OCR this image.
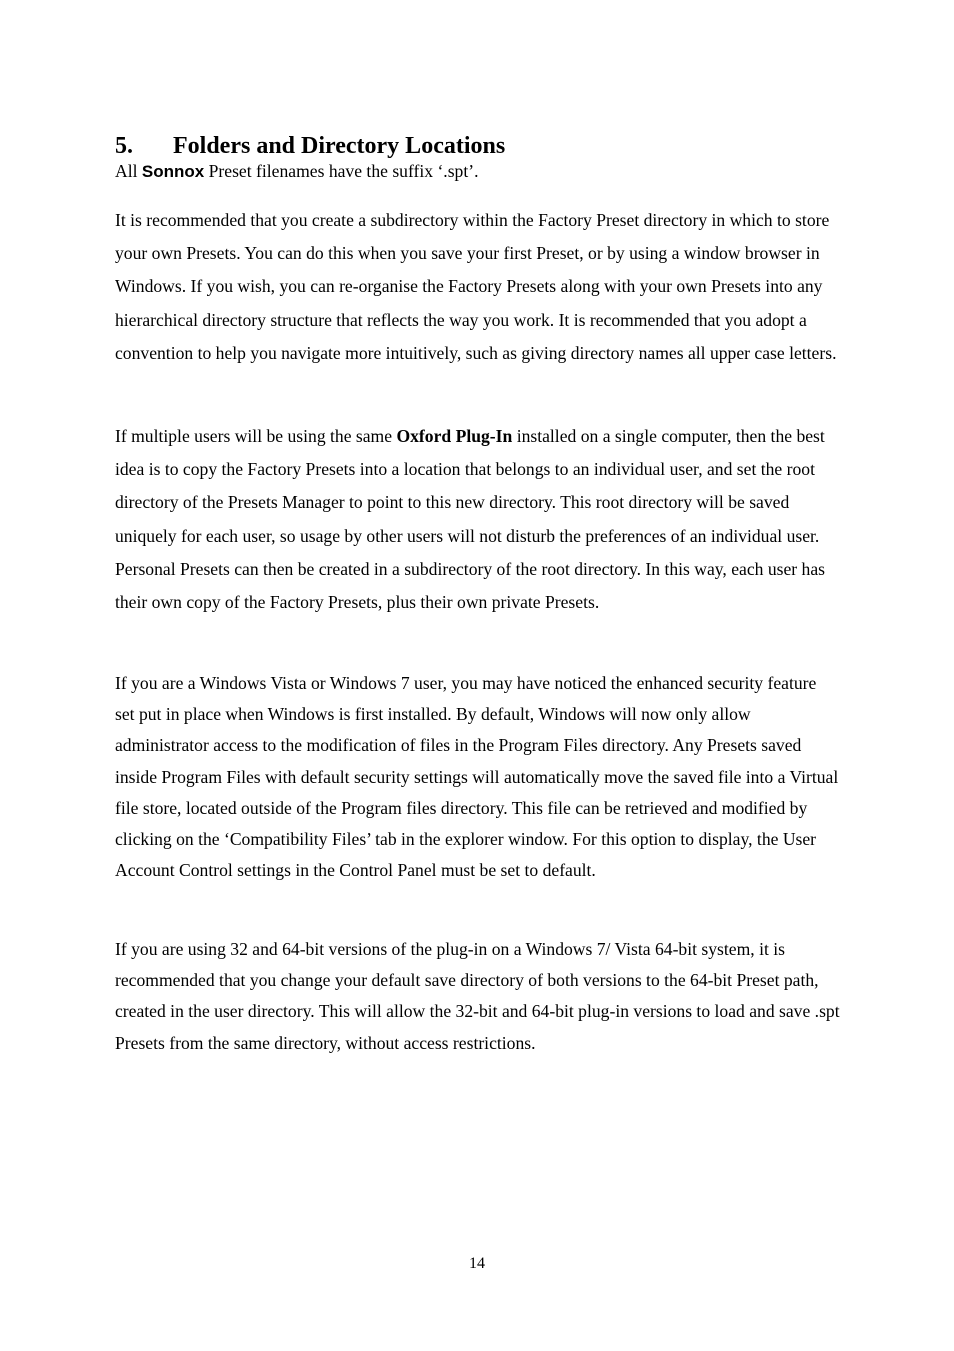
5. Folders and Directory Locations

All Sonnox Preset filenames have the suffix ‘.spt’.

It is recommended that you create a subdirectory within the Factory Preset directory in which to store your own Presets. You can do this when you save your first Preset, or by using a window browser in Windows. If you wish, you can re-organise the Factory Presets along with your own Presets into any hierarchical directory structure that reflects the way you work. It is recommended that you adopt a convention to help you navigate more intuitively, such as giving directory names all upper case letters.

If multiple users will be using the same Oxford Plug-In installed on a single computer, then the best idea is to copy the Factory Presets into a location that belongs to an individual user, and set the root directory of the Presets Manager to point to this new directory. This root directory will be saved uniquely for each user, so usage by other users will not disturb the preferences of an individual user. Personal Presets can then be created in a subdirectory of the root directory. In this way, each user has their own copy of the Factory Presets, plus their own private Presets.

If you are a Windows Vista or Windows 7 user, you may have noticed the enhanced security feature set put in place when Windows is first installed. By default, Windows will now only allow administrator access to the modification of files in the Program Files directory. Any Presets saved inside Program Files with default security settings will automatically move the saved file into a Virtual file store, located outside of the Program files directory. This file can be retrieved and modified by clicking on the ‘Compatibility Files’ tab in the explorer window. For this option to display, the User Account Control settings in the Control Panel must be set to default.

If you are using 32 and 64-bit versions of the plug-in on a Windows 7/ Vista 64-bit system, it is recommended that you change your default save directory of both versions to the 64-bit Preset path, created in the user directory. This will allow the 32-bit and 64-bit plug-in versions to load and save .spt Presets from the same directory, without access restrictions.

14
